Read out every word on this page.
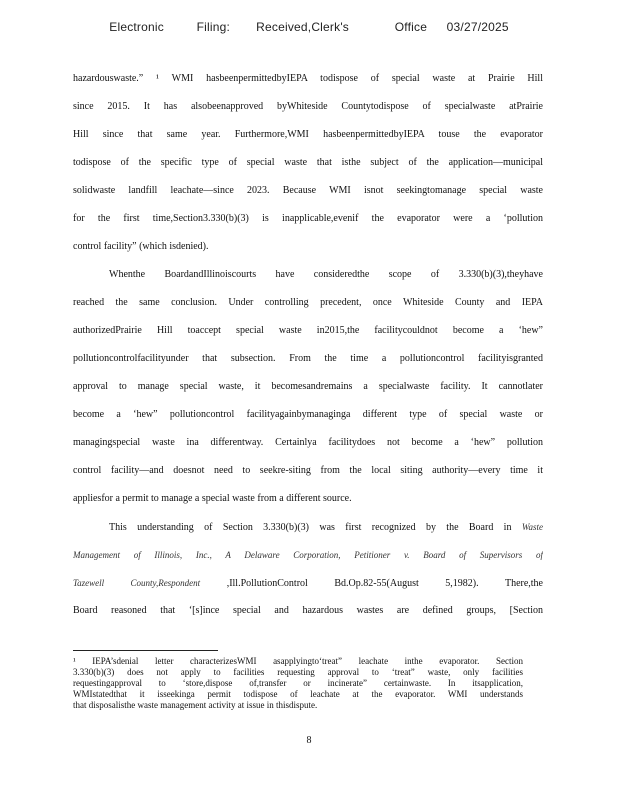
Electronic     Filing:    Received,Clerk's       Office   03/27/2025
hazardouswaste.” ¹ WMI hasbeenpermittedbyIEPA todispose of special waste at Prairie Hill
since 2015. It has alsobeenapproved byWhiteside Countytodispose of specialwaste atPrairie
Hill since that same year. Furthermore,WMI hasbeenpermittedbyIEPA touse the evaporator
todispose of the specific type of special waste that isthe subject of the application—municipal
solidwaste landfill leachate—since 2023. Because WMI isnot seekingtomanage special waste
for the first time,Section3.330(b)(3) is inapplicable,evenif the evaporator were a ‘pollution
control facility” (which isdenied).
Whenthe BoardandIllinoiscourts have consideredthe scope of 3.330(b)(3),theyhave
reached the same conclusion. Under controlling precedent, once Whiteside County and IEPA
authorizedPrairie Hill toaccept special waste in2015,the facilitycouldnot become a ‘hew”
pollutioncontrolfacilityunder that subsection. From the time a pollutioncontrol facilityisgranted
approval to manage special waste, it becomesandremains a specialwaste facility. It cannotlater
become a ‘hew” pollutioncontrol facilityagainbymanaginga different type of special waste or
managingspecial waste ina differentway. Certainlya facilitydoes not become a ‘hew” pollution
control facility—and doesnot need to seekre-siting from the local siting authority—every time it
appliesfor a permit to manage a special waste from a different source.
This understanding of Section 3.330(b)(3) was first recognized by the Board in Waste
Management of Illinois, Inc., A Delaware Corporation, Petitioner v. Board of Supervisors of
Tazewell County,Respondent	,Ill.PollutionControl Bd.Op.82-55(August 5,1982). There,the
Board reasoned that ‘[s]ince special and hazardous wastes are defined groups, [Section
¹ IEPA’sdenial letter characterizesWMI asapplyingto‘treat” leachate inthe evaporator. Section
3.330(b)(3) does not apply to facilities requesting approval to ‘treat” waste, only facilities
requestingapproval to ‘store,dispose of,transfer or incinerate” certainwaste. In itsapplication,
WMIstatedthat it isseekinga permit todispose of leachate at the evaporator. WMI understands
that disposalisthe waste management activity at issue in thisdispute.
8
